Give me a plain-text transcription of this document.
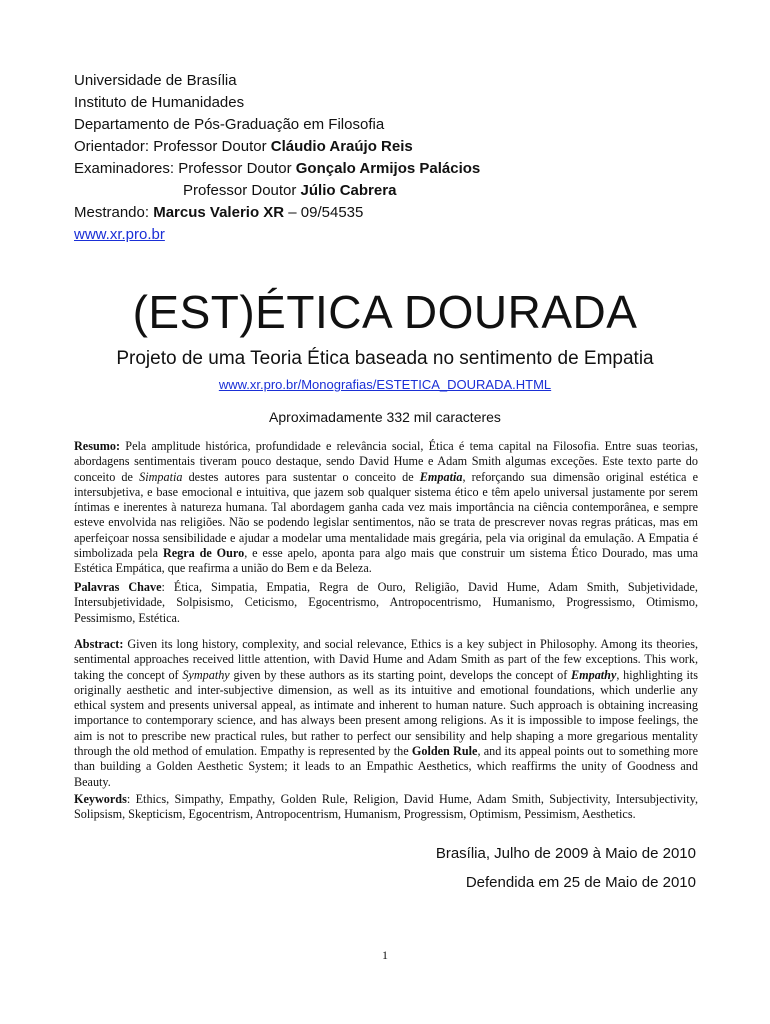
Universidade de Brasília
Instituto de Humanidades
Departamento de Pós-Graduação em Filosofia
Orientador: Professor Doutor Cláudio Araújo Reis
Examinadores: Professor Doutor Gonçalo Armijos Palácios
Professor Doutor Júlio Cabrera
Mestrando: Marcus Valerio XR – 09/54535
www.xr.pro.br
(EST)ÉTICA DOURADA
Projeto de uma Teoria Ética baseada no sentimento de Empatia
www.xr.pro.br/Monografias/ESTETICA_DOURADA.HTML
Aproximadamente 332 mil caracteres
Resumo: Pela amplitude histórica, profundidade e relevância social, Ética é tema capital na Filosofia. Entre suas teorias, abordagens sentimentais tiveram pouco destaque, sendo David Hume e Adam Smith algumas exceções. Este texto parte do conceito de Simpatia destes autores para sustentar o conceito de Empatia, reforçando sua dimensão original estética e intersubjetiva, e base emocional e intuitiva, que jazem sob qualquer sistema ético e têm apelo universal justamente por serem íntimas e inerentes à natureza humana. Tal abordagem ganha cada vez mais importância na ciência contemporânea, e sempre esteve envolvida nas religiões. Não se podendo legislar sentimentos, não se trata de prescrever novas regras práticas, mas em aperfeiçoar nossa sensibilidade e ajudar a modelar uma mentalidade mais gregária, pela via original da emulação. A Empatia é simbolizada pela Regra de Ouro, e esse apelo, aponta para algo mais que construir um sistema Ético Dourado, mas uma Estética Empática, que reafirma a união do Bem e da Beleza.
Palavras Chave: Ética, Simpatia, Empatia, Regra de Ouro, Religião, David Hume, Adam Smith, Subjetividade, Intersubjetividade, Solpisismo, Ceticismo, Egocentrismo, Antropocentrismo, Humanismo, Progressismo, Otimismo, Pessimismo, Estética.
Abstract: Given its long history, complexity, and social relevance, Ethics is a key subject in Philosophy. Among its theories, sentimental approaches received little attention, with David Hume and Adam Smith as part of the few exceptions. This work, taking the concept of Sympathy given by these authors as its starting point, develops the concept of Empathy, highlighting its originally aesthetic and inter-subjective dimension, as well as its intuitive and emotional foundations, which underlie any ethical system and presents universal appeal, as intimate and inherent to human nature. Such approach is obtaining increasing importance to contemporary science, and has always been present among religions. As it is impossible to impose feelings, the aim is not to prescribe new practical rules, but rather to perfect our sensibility and help shaping a more gregarious mentality through the old method of emulation. Empathy is represented by the Golden Rule, and its appeal points out to something more than building a Golden Aesthetic System; it leads to an Empathic Aesthetics, which reaffirms the unity of Goodness and Beauty.
Keywords: Ethics, Simpathy, Empathy, Golden Rule, Religion, David Hume, Adam Smith, Subjectivity, Intersubjectivity, Solipsism, Skepticism, Egocentrism, Antropocentrism, Humanism, Progressism, Optimism, Pessimism, Aesthetics.
Brasília, Julho de 2009 à Maio de 2010
Defendida em 25 de Maio de 2010
1
